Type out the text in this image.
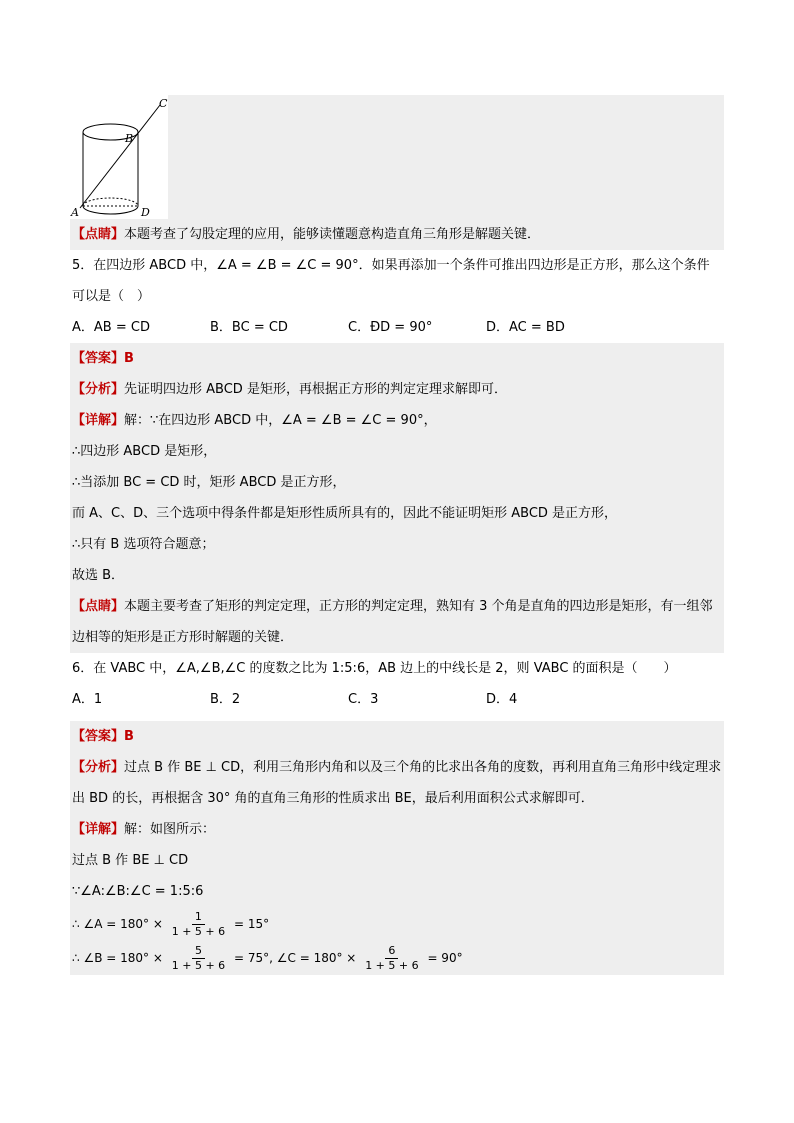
A	D
B
C
【点睛】本题考查了勾股定理的应用，能够读懂题意构造直角三角形是解题关键．
5．在四边形 ABCD 中，∠A = ∠B = ∠C = 90°．如果再添加一个条件可推出四边形是正方形，那么这个条件可以是（　）
A．AB = CD	B．BC = CD	C．ÐD = 90°	D．AC = BD
【答案】B
【分析】先证明四边形 ABCD 是矩形，再根据正方形的判定定理求解即可．
【详解】解：∵在四边形 ABCD 中，∠A = ∠B = ∠C = 90°，
∴四边形 ABCD 是矩形，
∴当添加 BC = CD 时，矩形 ABCD 是正方形，
而 A、C、D、三个选项中得条件都是矩形性质所具有的，因此不能证明矩形 ABCD 是正方形，
∴只有 B 选项符合题意；
故选 B．
【点睛】本题主要考查了矩形的判定定理，正方形的判定定理，熟知有 3 个角是直角的四边形是矩形，有一组邻边相等的矩形是正方形时解题的关键．
6．在 VABC 中，∠A,∠B,∠C 的度数之比为 1:5:6，AB 边上的中线长是 2，则 VABC 的面积是（　　）
A．1	B．2	C．3	D．4
【答案】B
【分析】过点 B 作 BE ⊥ CD，利用三角形内角和以及三个角的比求出各角的度数，再利用直角三角形中线定理求出 BD 的长，再根据含 30° 角的直角三角形的性质求出 BE，最后利用面积公式求解即可．
【详解】解：如图所示：
过点 B 作 BE ⊥ CD
∵∠A:∠B:∠C = 1:5:6
∴ ∠A = $180^\circ \times \frac{1}{1 + 5 + 6} = 15^\circ$
∴ ∠B = $180^\circ \times \frac{5}{1 + 5 + 6} = 75^\circ$, ∠C = $180^\circ \times \frac{6}{1 + 5 + 6} = 90^\circ$
